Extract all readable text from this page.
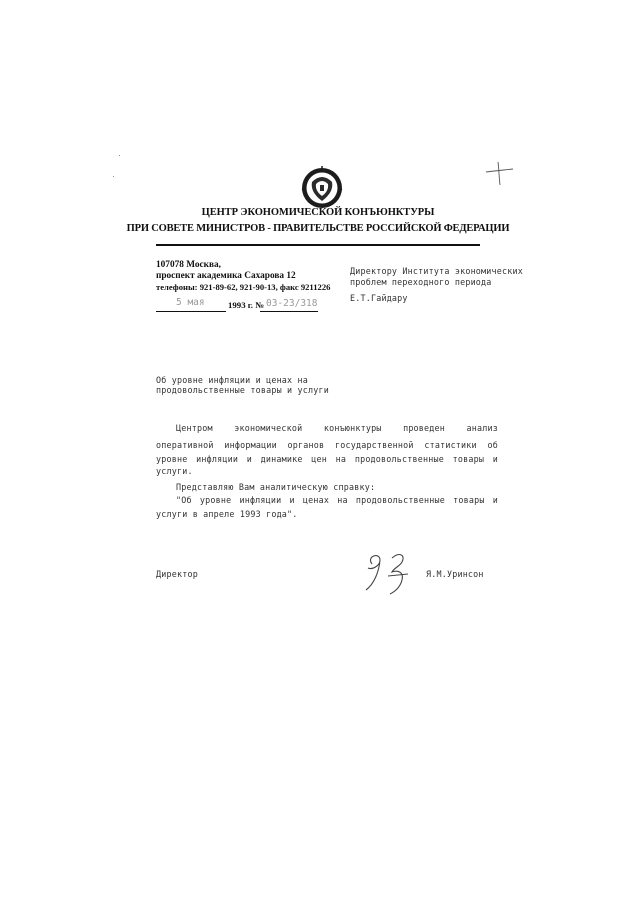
ЦЕНТР ЭКОНОМИЧЕСКОЙ КОНЪЮНКТУРЫ
ПРИ СОВЕТЕ МИНИСТРОВ - ПРАВИТЕЛЬСТВЕ РОССИЙСКОЙ ФЕДЕРАЦИИ
107078 Москва,
проспект академика Сахарова 12
телефоны: 921-89-62, 921-90-13, факс 9211226
5 мая	1993 г. № 03-23/318
Директору Института экономических
проблем переходного периода
Е.Т.Гайдару
Об уровне инфляции и ценах на
продовольственные товары и услуги
Центром экономической конъюнктуры проведен анализ
оперативной информации органов государственной статистики об
уровне инфляции и динамике цен на продовольственные товары и
услуги.
Представляю Вам аналитическую справку:
"Об уровне инфляции и ценах на продовольственные товары и
услуги в апреле 1993 года".
Директор	Я.М.Уринсон
